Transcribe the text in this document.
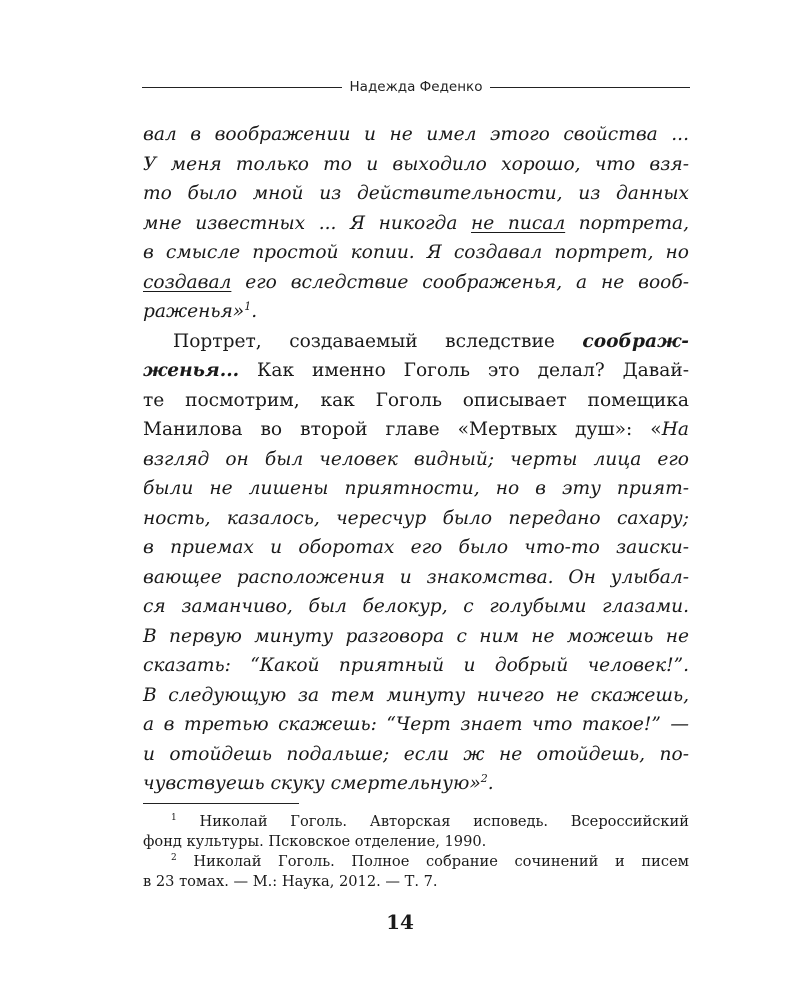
Надежда Феденко

вал в воображении и не имел этого свойства ...
У меня только то и выходило хорошо, что взя-
то было мной из действительности, из данных
мне известных ... Я никогда не писал портрета,
в смысле простой копии. Я создавал портрет, но
создавал его вследствие соображенья, а не вооб-
раженья»$^1$.

Портрет, создаваемый вследствие соображ-
женья... Как именно Гоголь это делал? Давай-
те посмотрим, как Гоголь описывает помещика
Манилова во второй главе «Мертвых душ»: «На
взгляд он был человек видный; черты лица его
были не лишены приятности, но в эту прият-
ность, казалось, чересчур было передано сахару;
в приемах и оборотах его было что-то заиски-
вающее расположения и знакомства. Он улыбал-
ся заманчиво, был белокур, с голубыми глазами.
В первую минуту разговора с ним не можешь не
сказать: “Какой приятный и добрый человек!”.
В следующую за тем минуту ничего не скажешь,
а в третью скажешь: “Черт знает что такое!” —
и отойдешь подальше; если ж не отойдешь, по-
чувствуешь скуку смертельную»$^2$.

$^1$ Николай Гоголь. Авторская исповедь. Всероссийский
фонд культуры. Псковское отделение, 1990.
$^2$ Николай Гоголь. Полное собрание сочинений и писем
в 23 томах. — М.: Наука, 2012. — Т. 7.
14
